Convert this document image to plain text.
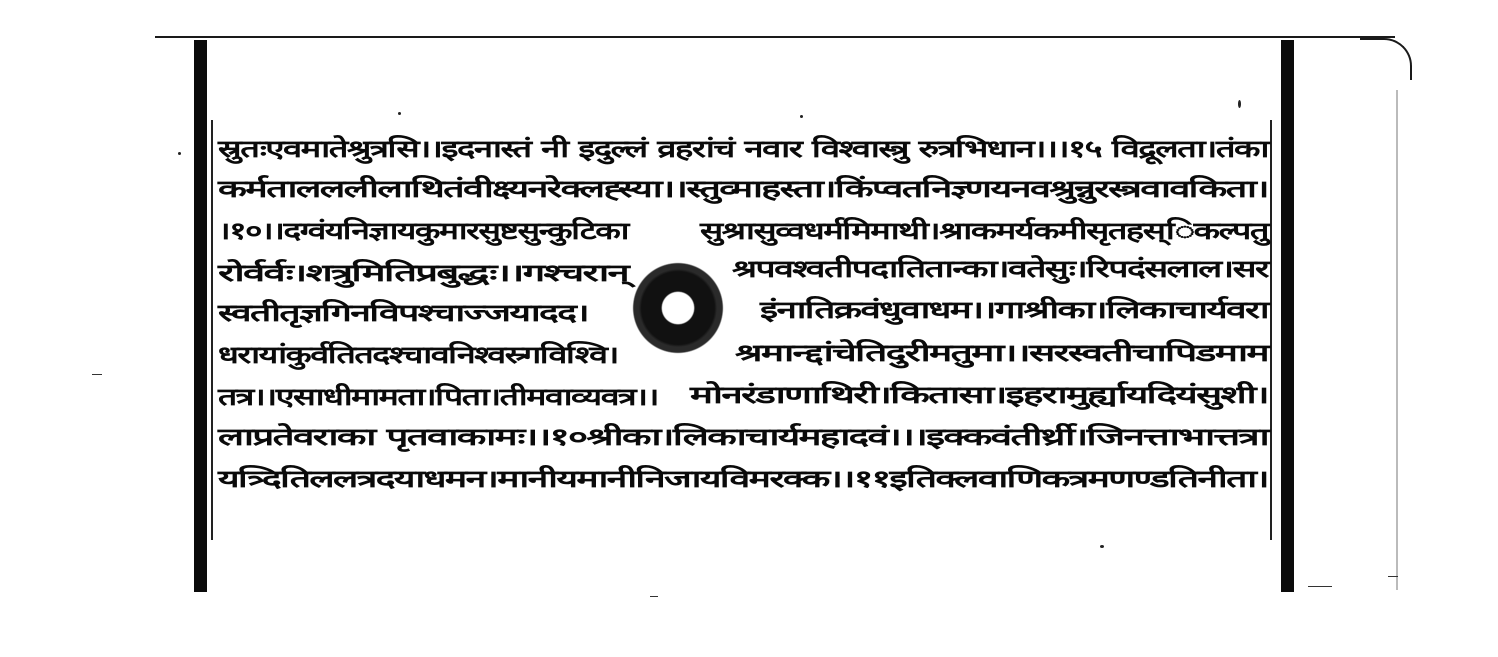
स्रुतःएवमातेश्रुत्रसि।।इदनास्तं नी इदुल्लं व्रहरांचं नवार विश्वास्त्रु रुत्रभिधान।।।१५ विद्रूलता।तंका
कर्मतालललीलाथितंवीक्ष्यनरेक्लह्स्या।।स्तुव्माहस्ता।किंप्वतनिज्ञ्णयनवश्रुन्नुरस्त्रवावकिता।
।१०।।दग्वंयनिज्ञायकुमारसुष्टसुन्कुटिका	सुश्रासुव्वधर्ममिमाथी।श्राकमर्यकमीसृतहस्िकल्पतु
रोर्वर्वः।शत्रुमितिप्रबुद्धः।।गश्चरान्	श्रपवश्वतीपदातितान्का।वतेसुः।रिपदंसलाल।सर
स्वतीतृज्ञगिनविपश्चाज्जयादद।	इंनातिक्रवंधुवाधम।।गाश्रीका।लिकाचार्यवरा
धरायांकुर्वतितदश्चावनिश्वस्र्गविश्वि।	श्रमान्द्दांचेतिदुरीमतुमा।।सरस्वतीचापिडमाम
तत्र।।एसाधीमामता।पिता।तीमवाव्यवत्र।। मोनरंडाणाथिरी।कितासा।इहरामुर्ह्यायदियंसुशी।
लाप्रतेवराका पृतवाकामः।।१०श्रीका।लिकाचार्यमहादवं।।।इक्कवंतीर्थ्री।जिनत्ताभात्तत्रा
यत्र्दितिललत्रदयाधमन।मानीयमानीनिजायविमरक्क।।११इतिक्लवाणिकत्रमणण्डतिनीता।
